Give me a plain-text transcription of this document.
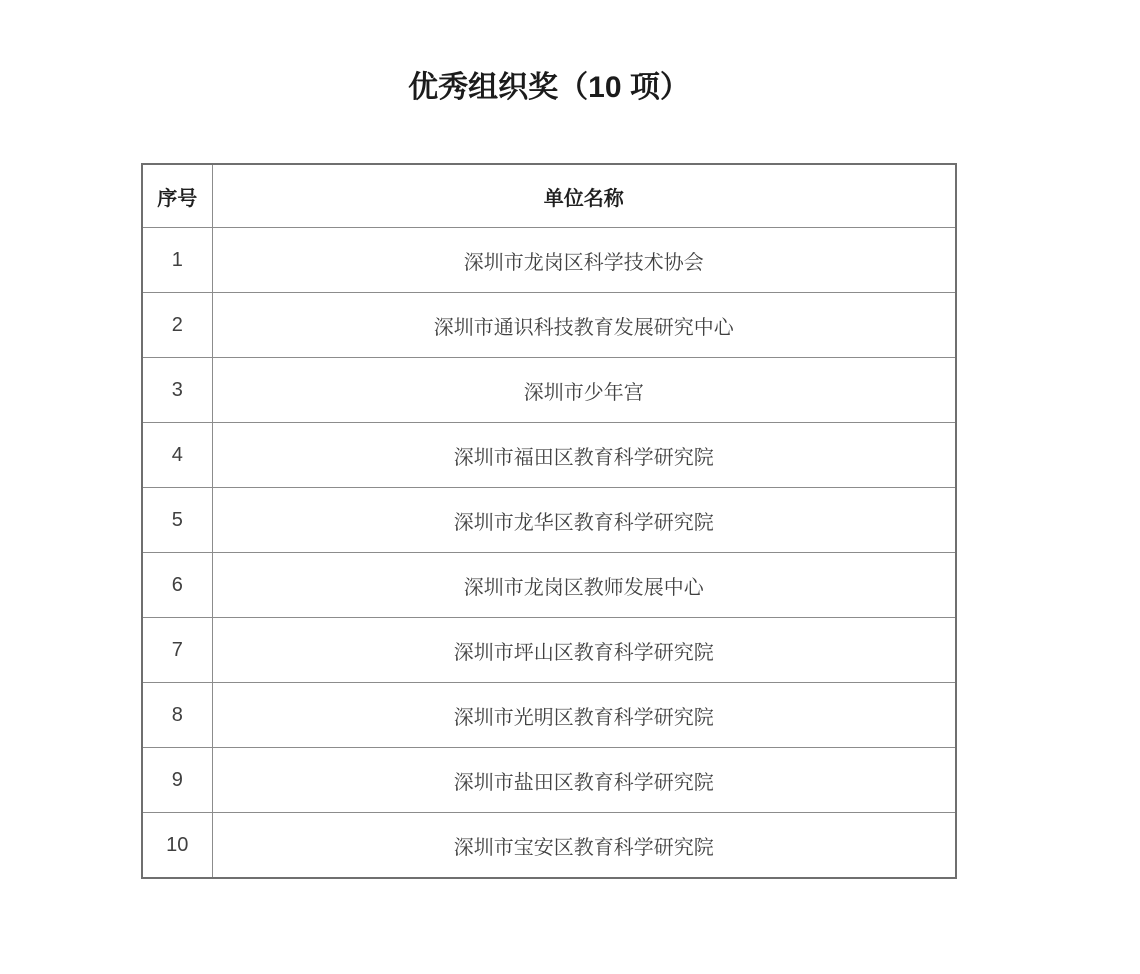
优秀组织奖（10 项）
序号	单位名称
1	深圳市龙岗区科学技术协会
2	深圳市通识科技教育发展研究中心
3	深圳市少年宫
4	深圳市福田区教育科学研究院
5	深圳市龙华区教育科学研究院
6	深圳市龙岗区教师发展中心
7	深圳市坪山区教育科学研究院
8	深圳市光明区教育科学研究院
9	深圳市盐田区教育科学研究院
10	深圳市宝安区教育科学研究院
